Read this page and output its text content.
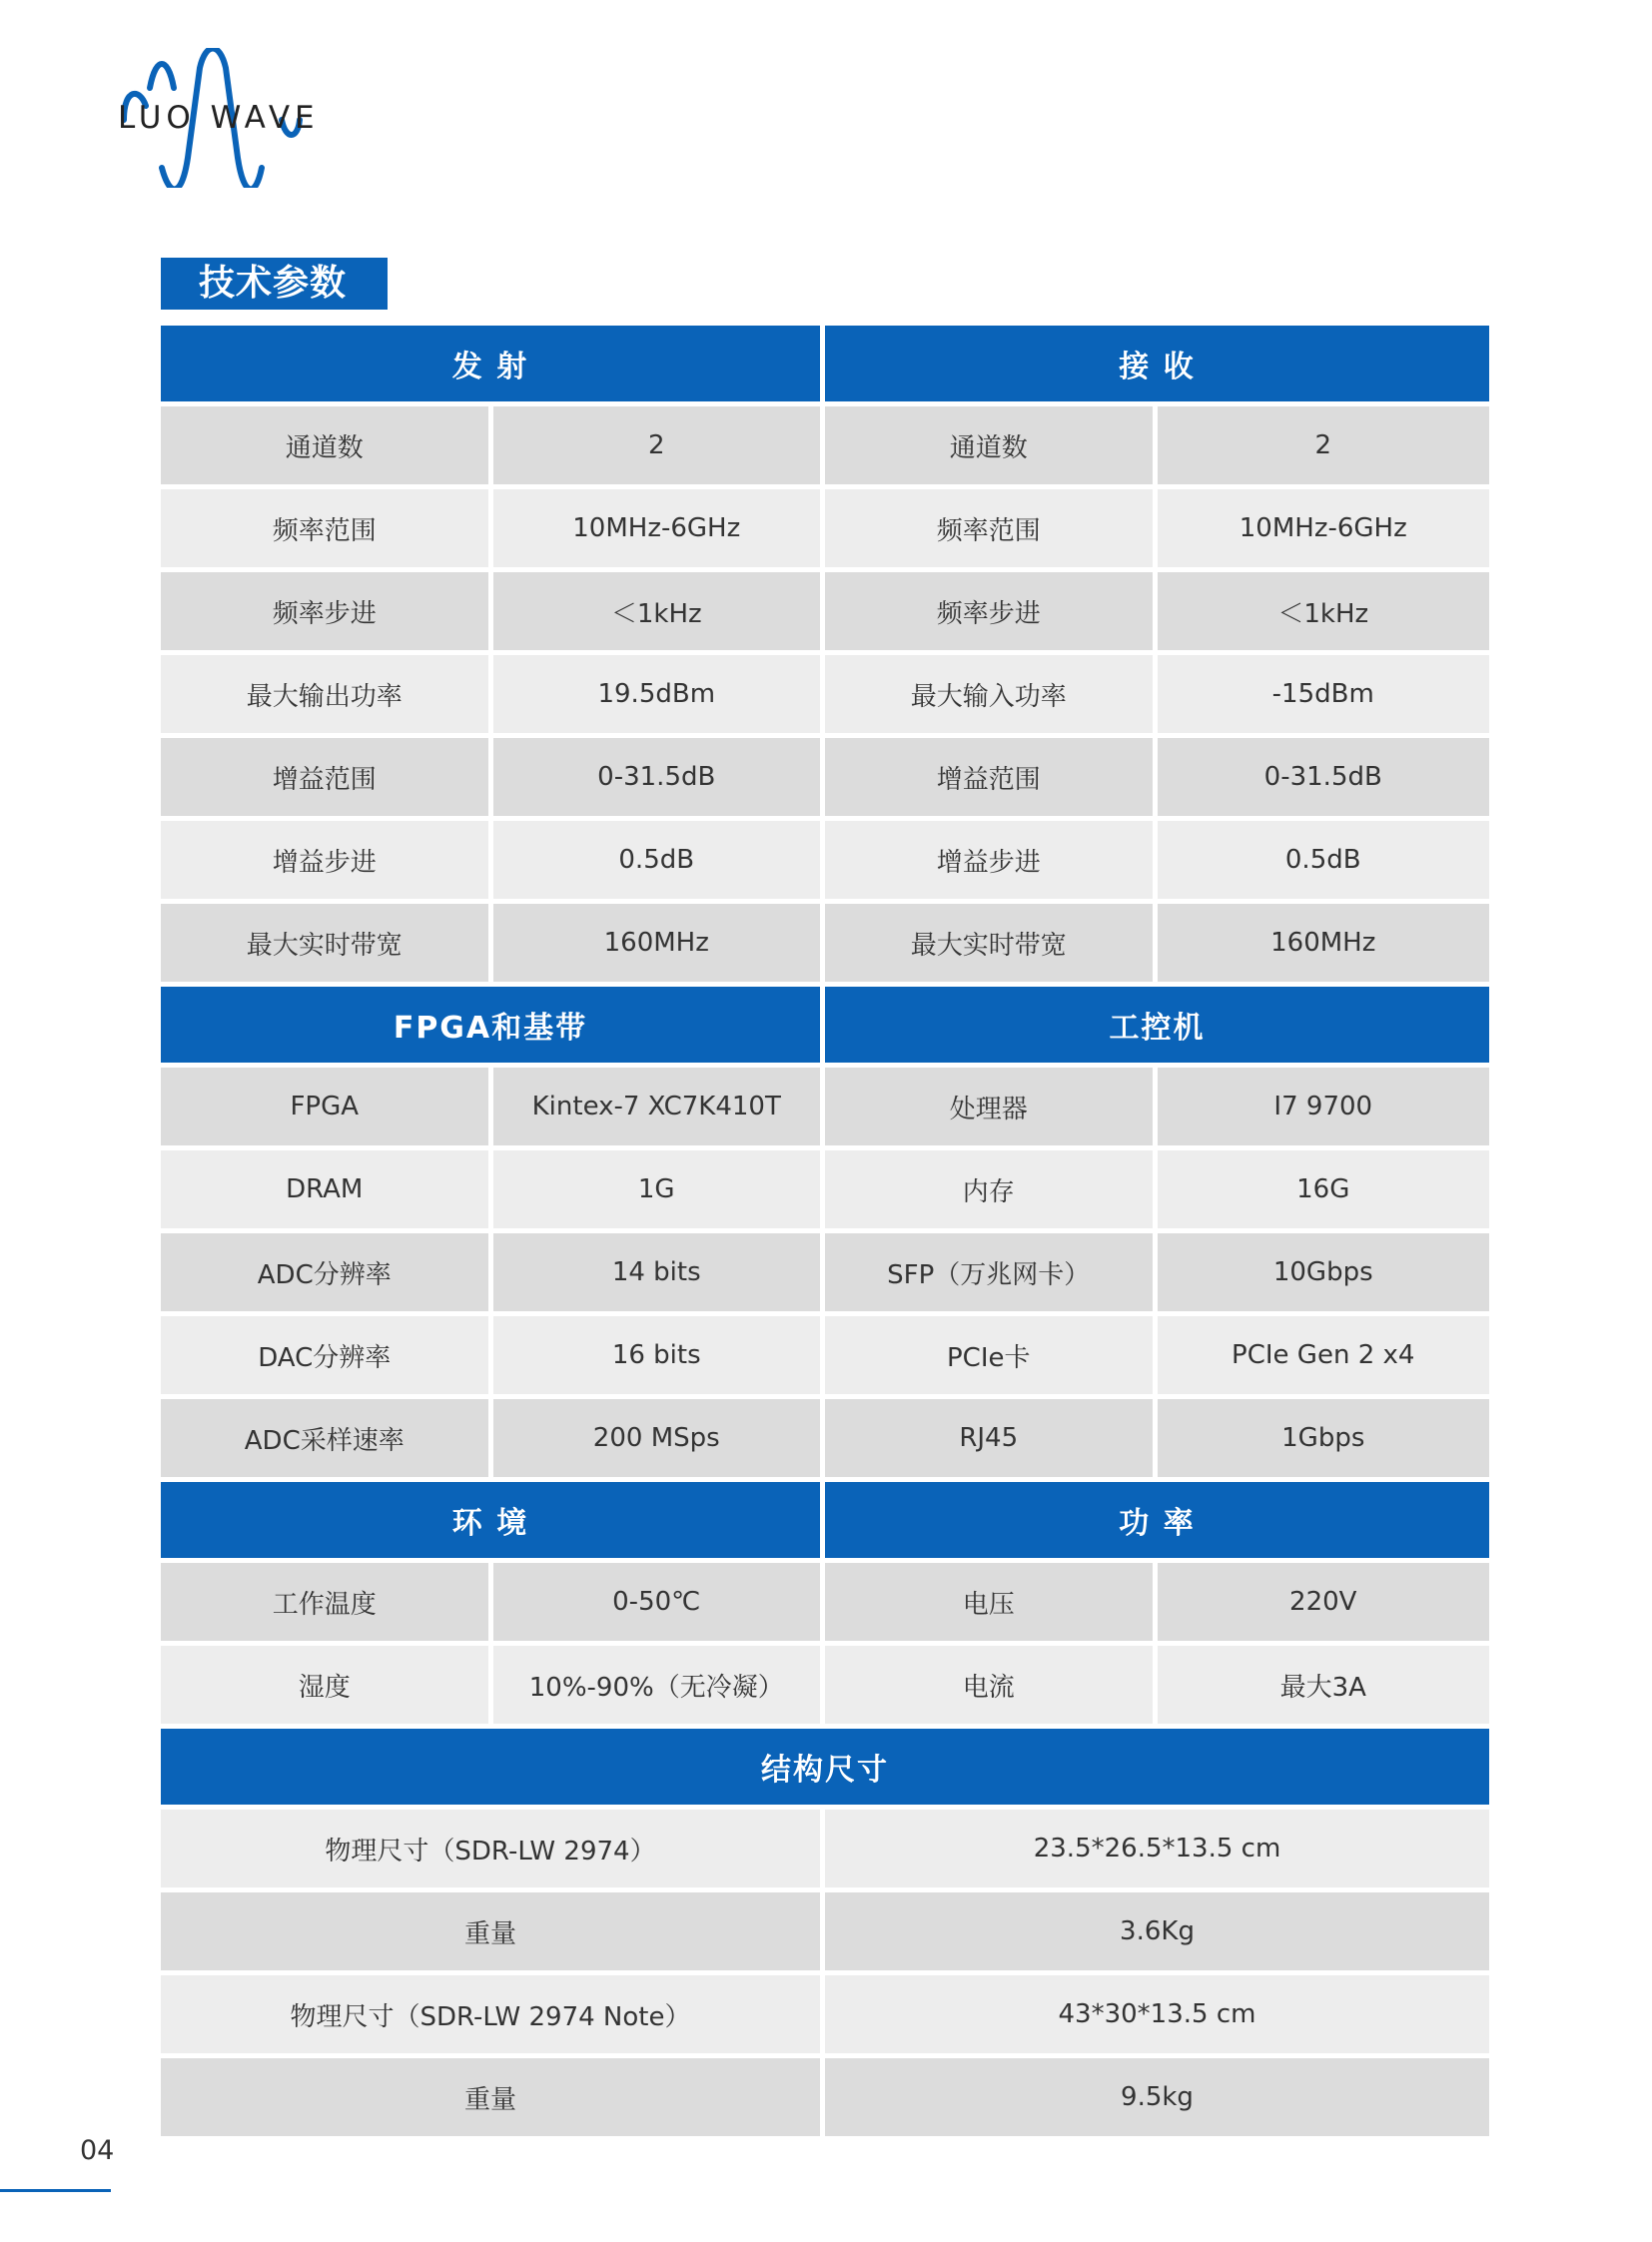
LUO WAVE
技术参数
发 射	接 收
通道数	2	通道数	2
频率范围	10MHz-6GHz	频率范围	10MHz-6GHz
频率步进	＜1kHz	频率步进	＜1kHz
最大输出功率	19.5dBm	最大输入功率	-15dBm
增益范围	0-31.5dB	增益范围	0-31.5dB
增益步进	0.5dB	增益步进	0.5dB
最大实时带宽	160MHz	最大实时带宽	160MHz
FPGA和基带	工控机
FPGA	Kintex-7 XC7K410T	处理器	I7 9700
DRAM	1G	内存	16G
ADC分辨率	14 bits	SFP（万兆网卡）	10Gbps
DAC分辨率	16 bits	PCIe卡	PCIe Gen 2 x4
ADC采样速率	200 MSps	RJ45	1Gbps
环 境	功 率
工作温度	0-50℃	电压	220V
湿度	10%-90%（无冷凝）	电流	最大3A
结构尺寸
物理尺寸（SDR-LW 2974）	23.5*26.5*13.5 cm
重量	3.6Kg
物理尺寸（SDR-LW 2974 Note）	43*30*13.5 cm
重量	9.5kg
04
